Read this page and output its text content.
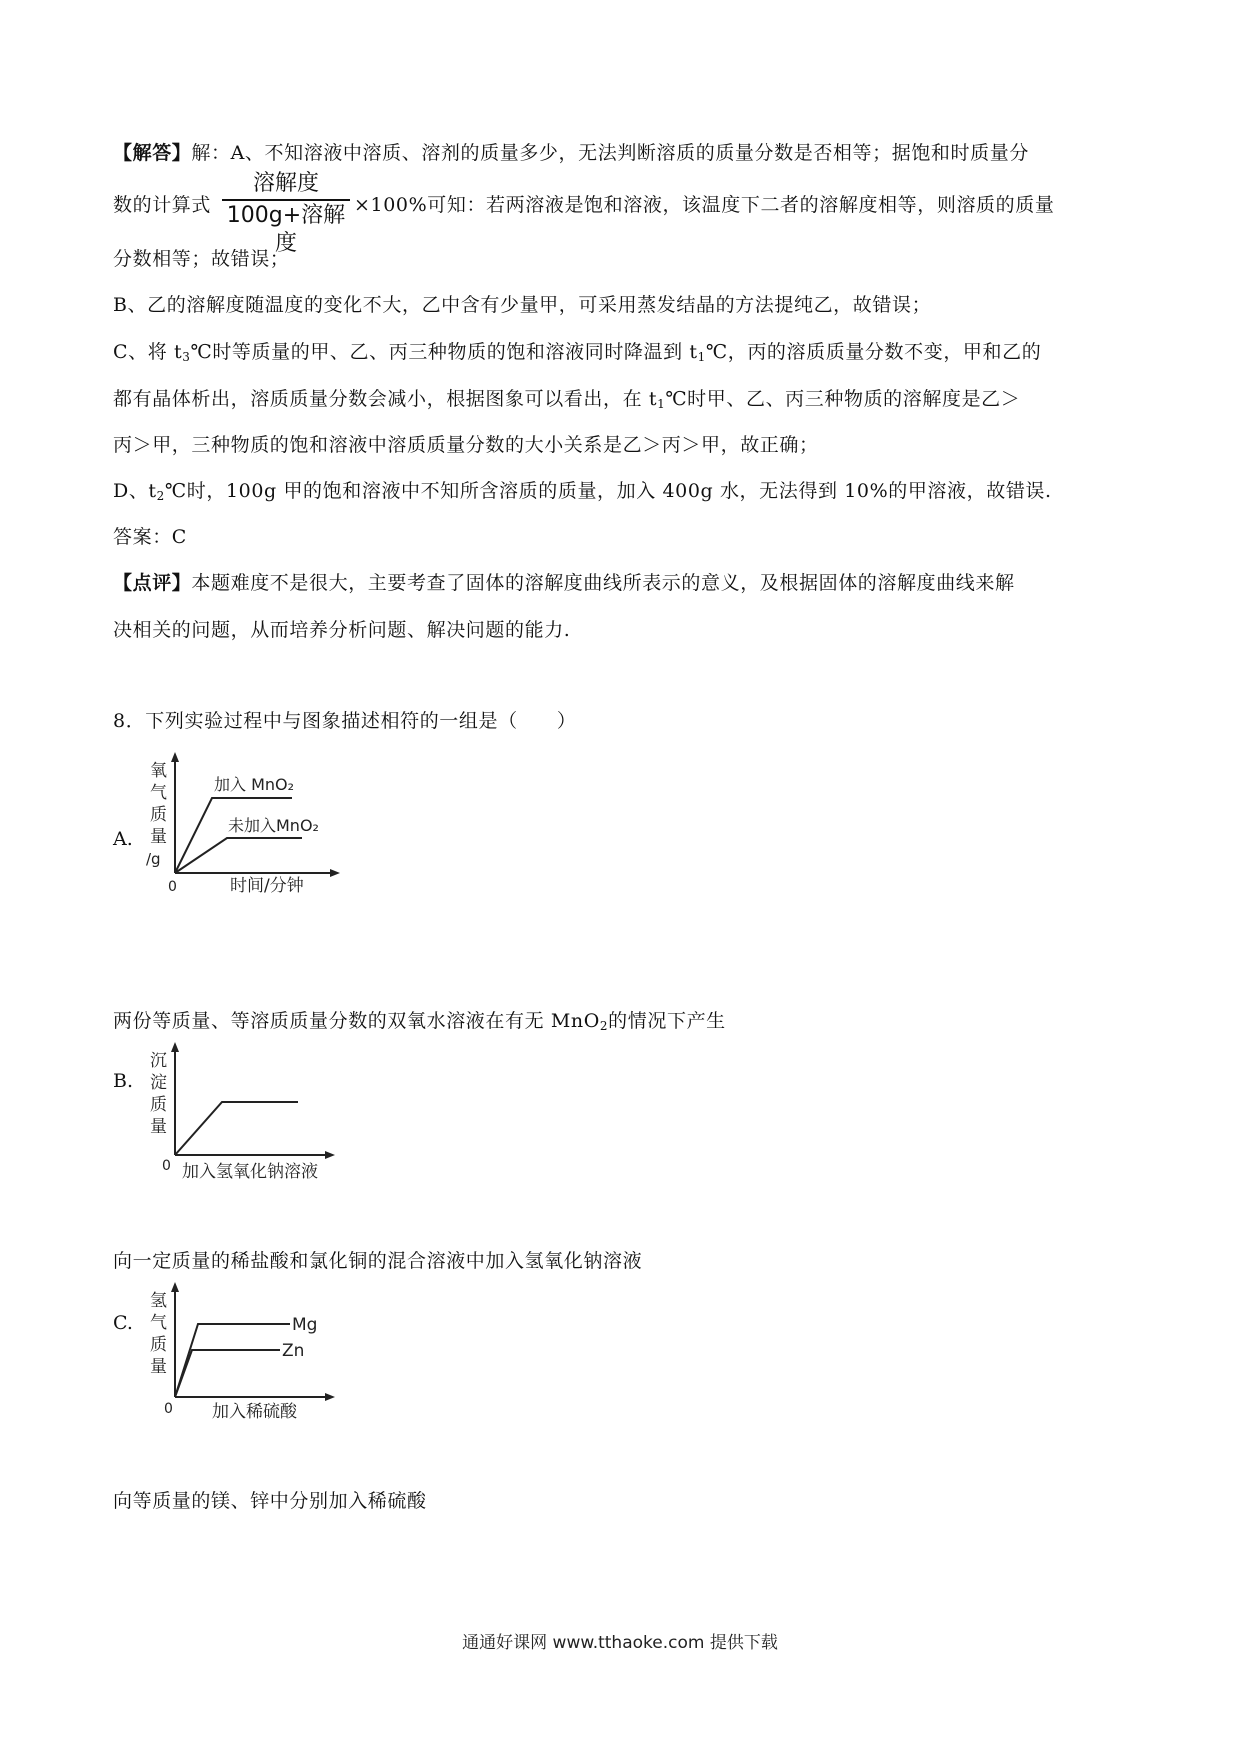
【解答】解：A、不知溶液中溶质、溶剂的质量多少，无法判断溶质的质量分数是否相等；据饱和时质量分
数的计算式
溶解度
100g+溶解度
×100%可知：若两溶液是饱和溶液，该温度下二者的溶解度相等，则溶质的质量
分数相等；故错误；
B、乙的溶解度随温度的变化不大，乙中含有少量甲，可采用蒸发结晶的方法提纯乙，故错误；
C、将 $t_3℃$时等质量的甲、乙、丙三种物质的饱和溶液同时降温到 $t_1℃$，丙的溶质质量分数不变，甲和乙的
都有晶体析出，溶质质量分数会减小，根据图象可以看出，在 $t_1℃$时甲、乙、丙三种物质的溶解度是乙＞
丙＞甲，三种物质的饱和溶液中溶质质量分数的大小关系是乙＞丙＞甲，故正确；
D、$t_2℃$时，100g 甲的饱和溶液中不知所含溶质的质量，加入 400g 水，无法得到 10%的甲溶液，故错误.
答案：C
【点评】本题难度不是很大，主要考查了固体的溶解度曲线所表示的意义，及根据固体的溶解度曲线来解
决相关的问题，从而培养分析问题、解决问题的能力.
8．下列实验过程中与图象描述相符的一组是（　　）
A.
氧
气
质
量
/g
0	时间/分钟
加入 MnO₂
未加入MnO₂
两份等质量、等溶质质量分数的双氧水溶液在有无 MnO$_2$的情况下产生
B.
沉
淀
质
量
0 加入氢氧化钠溶液
向一定质量的稀盐酸和氯化铜的混合溶液中加入氢氧化钠溶液
C.
氢
气
质
量
0 加入稀硫酸
Mg
Zn
向等质量的镁、锌中分别加入稀硫酸
通通好课网 www.tthaoke.com 提供下载
